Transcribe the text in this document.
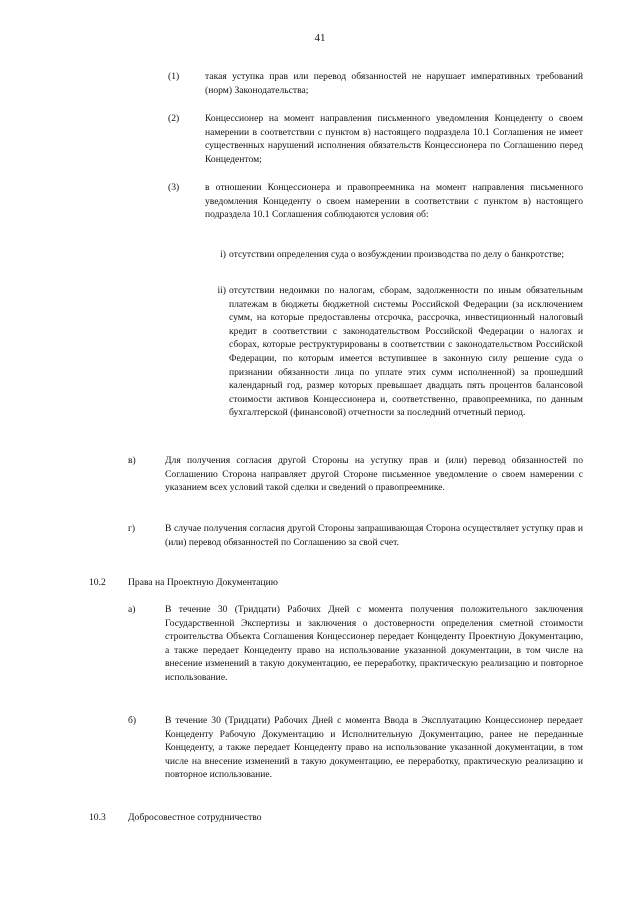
41
(1)	такая уступка прав или перевод обязанностей не нарушает императивных требований (норм) Законодательства;
(2)	Концессионер на момент направления письменного уведомления Концеденту о своем намерении в соответствии с пунктом в) настоящего подраздела 10.1 Соглашения не имеет существенных нарушений исполнения обязательств Концессионера по Соглашению перед Концедентом;
(3)	в отношении Концессионера и правопреемника на момент направления письменного уведомления Концеденту о своем намерении в соответствии с пунктом в) настоящего подраздела 10.1 Соглашения соблюдаются условия об:
i) отсутствии определения суда о возбуждении производства по делу о банкротстве;
ii) отсутствии недоимки по налогам, сборам, задолженности по иным обязательным платежам в бюджеты бюджетной системы Российской Федерации (за исключением сумм, на которые предоставлены отсрочка, рассрочка, инвестиционный налоговый кредит в соответствии с законодательством Российской Федерации о налогах и сборах, которые реструктурированы в соответствии с законодательством Российской Федерации, по которым имеется вступившее в законную силу решение суда о признании обязанности лица по уплате этих сумм исполненной) за прошедший календарный год, размер которых превышает двадцать пять процентов балансовой стоимости активов Концессионера и, соответственно, правопреемника, по данным бухгалтерской (финансовой) отчетности за последний отчетный период.
в)	Для получения согласия другой Стороны на уступку прав и (или) перевод обязанностей по Соглашению Сторона направляет другой Стороне письменное уведомление о своем намерении с указанием всех условий такой сделки и сведений о правопреемнике.
г)	В случае получения согласия другой Стороны запрашивающая Сторона осуществляет уступку прав и (или) перевод обязанностей по Соглашению за свой счет.
10.2 Права на Проектную Документацию
а)	В течение 30 (Тридцати) Рабочих Дней с момента получения положительного заключения Государственной Экспертизы и заключения о достоверности определения сметной стоимости строительства Объекта Соглашения Концессионер передает Концеденту Проектную Документацию, а также передает Концеденту право на использование указанной документации, в том числе на внесение изменений в такую документацию, ее переработку, практическую реализацию и повторное использование.
б)	В течение 30 (Тридцати) Рабочих Дней с момента Ввода в Эксплуатацию Концессионер передает Концеденту Рабочую Документацию и Исполнительную Документацию, ранее не переданные Концеденту, а также передает Концеденту право на использование указанной документации, в том числе на внесение изменений в такую документацию, ее переработку, практическую реализацию и повторное использование.
10.3 Добросовестное сотрудничество
